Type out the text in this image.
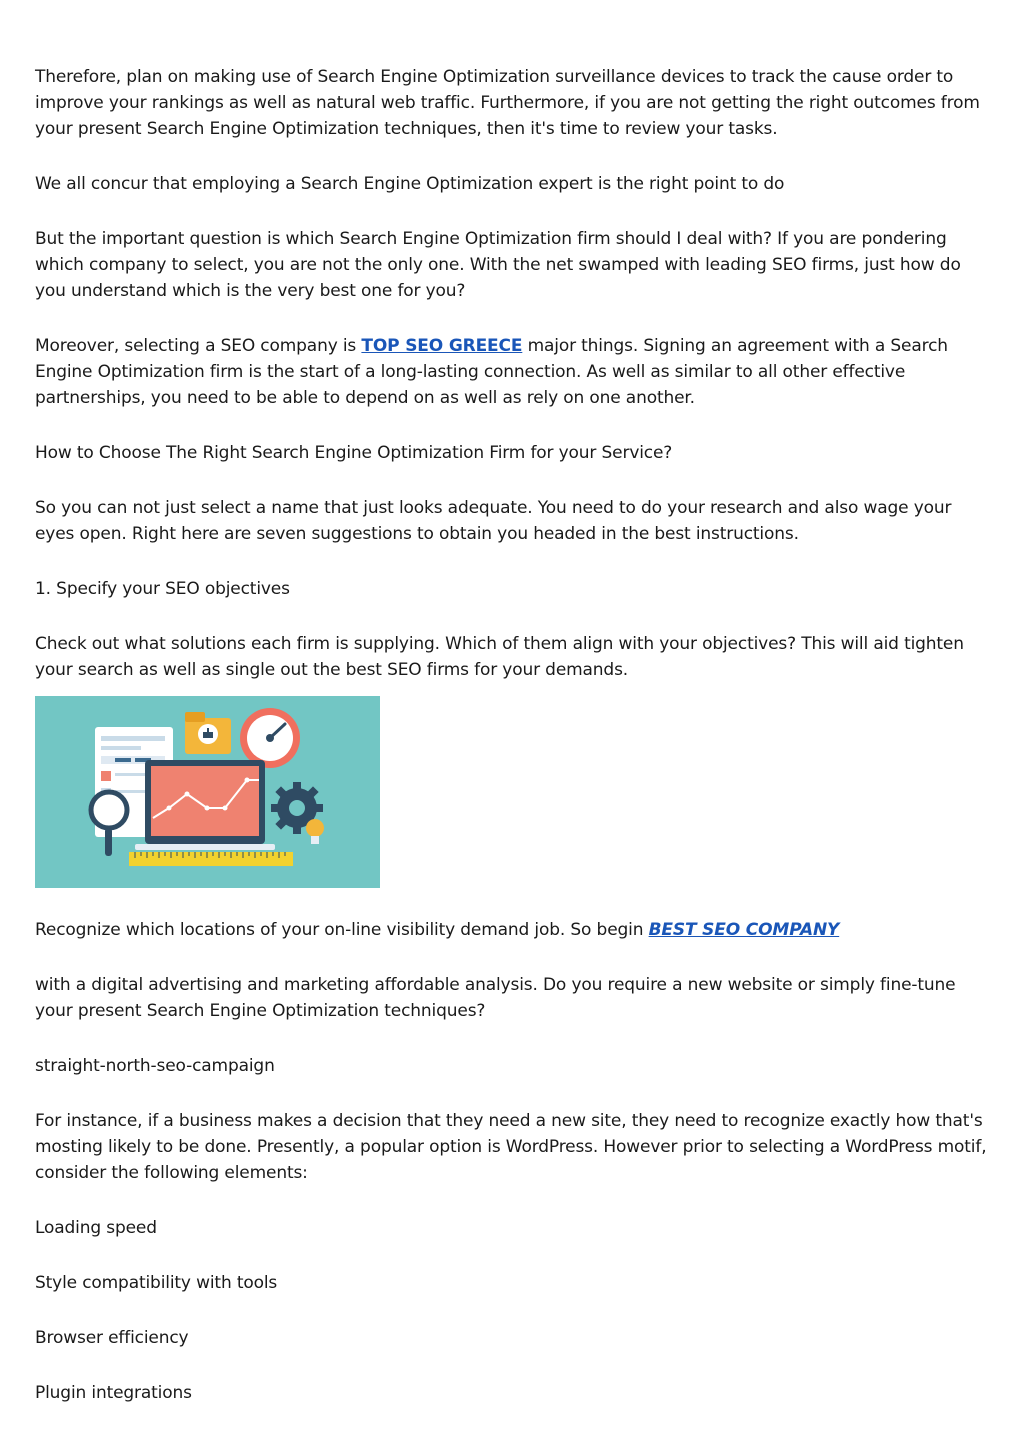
Therefore, plan on making use of Search Engine Optimization surveillance devices to track the cause order to improve your rankings as well as natural web traffic. Furthermore, if you are not getting the right outcomes from your present Search Engine Optimization techniques, then it's time to review your tasks.

We all concur that employing a Search Engine Optimization expert is the right point to do

But the important question is which Search Engine Optimization firm should I deal with? If you are pondering which company to select, you are not the only one. With the net swamped with leading SEO firms, just how do you understand which is the very best one for you?

Moreover, selecting a SEO company is TOP SEO GREECE major things. Signing an agreement with a Search Engine Optimization firm is the start of a long-lasting connection. As well as similar to all other effective partnerships, you need to be able to depend on as well as rely on one another.

How to Choose The Right Search Engine Optimization Firm for your Service?

So you can not just select a name that just looks adequate. You need to do your research and also wage your eyes open. Right here are seven suggestions to obtain you headed in the best instructions.

1. Specify your SEO objectives

Check out what solutions each firm is supplying. Which of them align with your objectives? This will aid tighten your search as well as single out the best SEO firms for your demands.

Recognize which locations of your on-line visibility demand job. So begin BEST SEO COMPANY

with a digital advertising and marketing affordable analysis. Do you require a new website or simply fine-tune your present Search Engine Optimization techniques?

straight-north-seo-campaign

For instance, if a business makes a decision that they need a new site, they need to recognize exactly how that's mosting likely to be done. Presently, a popular option is WordPress. However prior to selecting a WordPress motif, consider the following elements:

Loading speed

Style compatibility with tools

Browser efficiency

Plugin integrations
